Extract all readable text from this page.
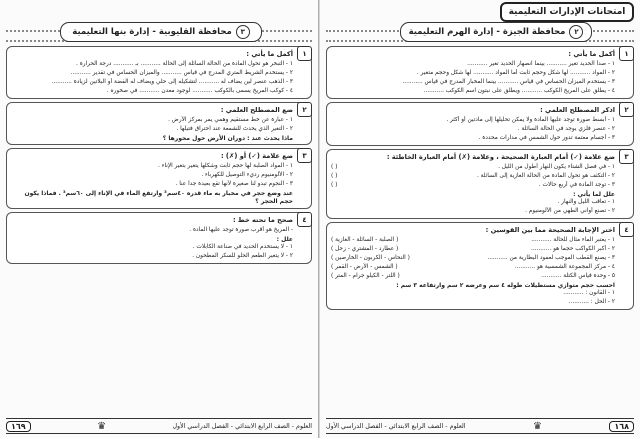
٣
محافظة القليوبية - إدارة بنها التعليمية
١
أكمل ما يأتي :
١ - التبخر هو تحول المادة من الحالة السائلة إلى الحالة ........... بـ ........... درجة الحرارة .
٢ - يستخدم الشريط المتري المدرج في قياس ........... والميزان الحساس في تقدير ...........
٣ - الذهب عنصر لين يضاف له ........... لتشكيله إلى حلي ويضاف له الفضة أو البلاتين لزيادة ...........
٤ - كوكب المريخ يسمى بالكوكب ........... لوجود معدن ........... في صخوره .
٢
ضع المصطلح العلمي :
١ - عبارة عن خط مستقيم وهمي يمر بمركز الأرض .
٢ - التغير الذي يحدث للشمعة عند احتراق فتيلها .
ماذا يحدث عند : دوران الأرض حول محورها ؟
٣
ضع علامة (✓) أو (✗) :
١ - المواد الصلبة لها حجم ثابت وشكلها يتغير بتغير الإناء .
٢ - الألومنيوم رديء التوصيل للكهرباء .
٣ - النجوم تبدو لنا صغيرة لأنها تقع بعيدة جداً عنا .
عند وضع حجر في مخبار به ماء قدره ٤٠سم³ وارتفع الماء في الإناء إلى ٦٠سم³ . فماذا يكون حجم الحجر ؟
٤
صحح ما تحته خط :
- المريخ هو أقرب صورة توجد عليها المادة .
علل :
١ - لا يستخدم الحديد في صناعة الكابلات .
٢ - لا يتغير الطعم الحلو للسكر المطحون .
العلوم - الصف الرابع الابتدائي - الفصل الدراسي الأول
♛
١٦٩
٢
محافظة الجيزة - إدارة الهرم التعليمية
١
أكمل ما يأتي :
١ - صدأ الحديد تغير ........... بينما انصهار الحديد تغير ...........
٢ - المواد ........... لها شكل وحجم ثابت أما المواد ........... لها شكل وحجم متغير .
٣ - يستخدم الميزان الحساس في قياس ........... بينما المخبار المدرج في قياس ...........
٤ - يطلق على المريخ الكوكب ........... ويطلق على نبتون اسم الكوكب ...........
٢
اذكر المصطلح العلمي :
١ - أبسط صورة توجد عليها المادة ولا يمكن تحليلها إلى مادتين أو أكثر .
٢ - عنصر فلزي يوجد في الحالة السائلة .
٣ - أجسام معتمة تدور حول الشمس في مدارات محددة .
٣
ضع علامة (✓) أمام العبارة الصحيحة ، وعلامة (✗) أمام العبارة الخاطئة :
١ - في فصل الشتاء يكون النهار أطول من الليل .
( )
٢ - التكثف هو تحول المادة من الحالة الغازية إلى السائلة .
( )
٣ - توجد المادة في أربع حالات .
( )
علل لما يأتي :
١ - تعاقب الليل والنهار .
٢ - تصنع أواني الطهي من الألومنيوم .
٤
اختر الإجابة الصحيحة مما بين القوسين :
١ - يعتبر الماء مثال للحالة ...........
( الصلبة - السائلة - الغازية )
٢ - أكبر الكواكب حجماً هو ...........
( عطارد - المشتري - زحل )
٣ - يصنع القطب الموجب لعمود البطارية من ...........
( النحاس - الكربون - الخارصين )
٤ - مركز المجموعة الشمسية هو ...........
( الشمس - الأرض - القمر )
٥ - وحدة قياس الكتلة ...........
( اللتر - الكيلو جرام - المتر )
احسب حجم متوازي مستطيلات طوله ٤ سم وعرضه ٢ سم وارتفاعه ٣ سم :
١ - القانون : ...........
٢ - الحل : ...........
١٦٨
♛
العلوم - الصف الرابع الابتدائي - الفصل الدراسي الأول
امتحانات الإدارات التعليمية
